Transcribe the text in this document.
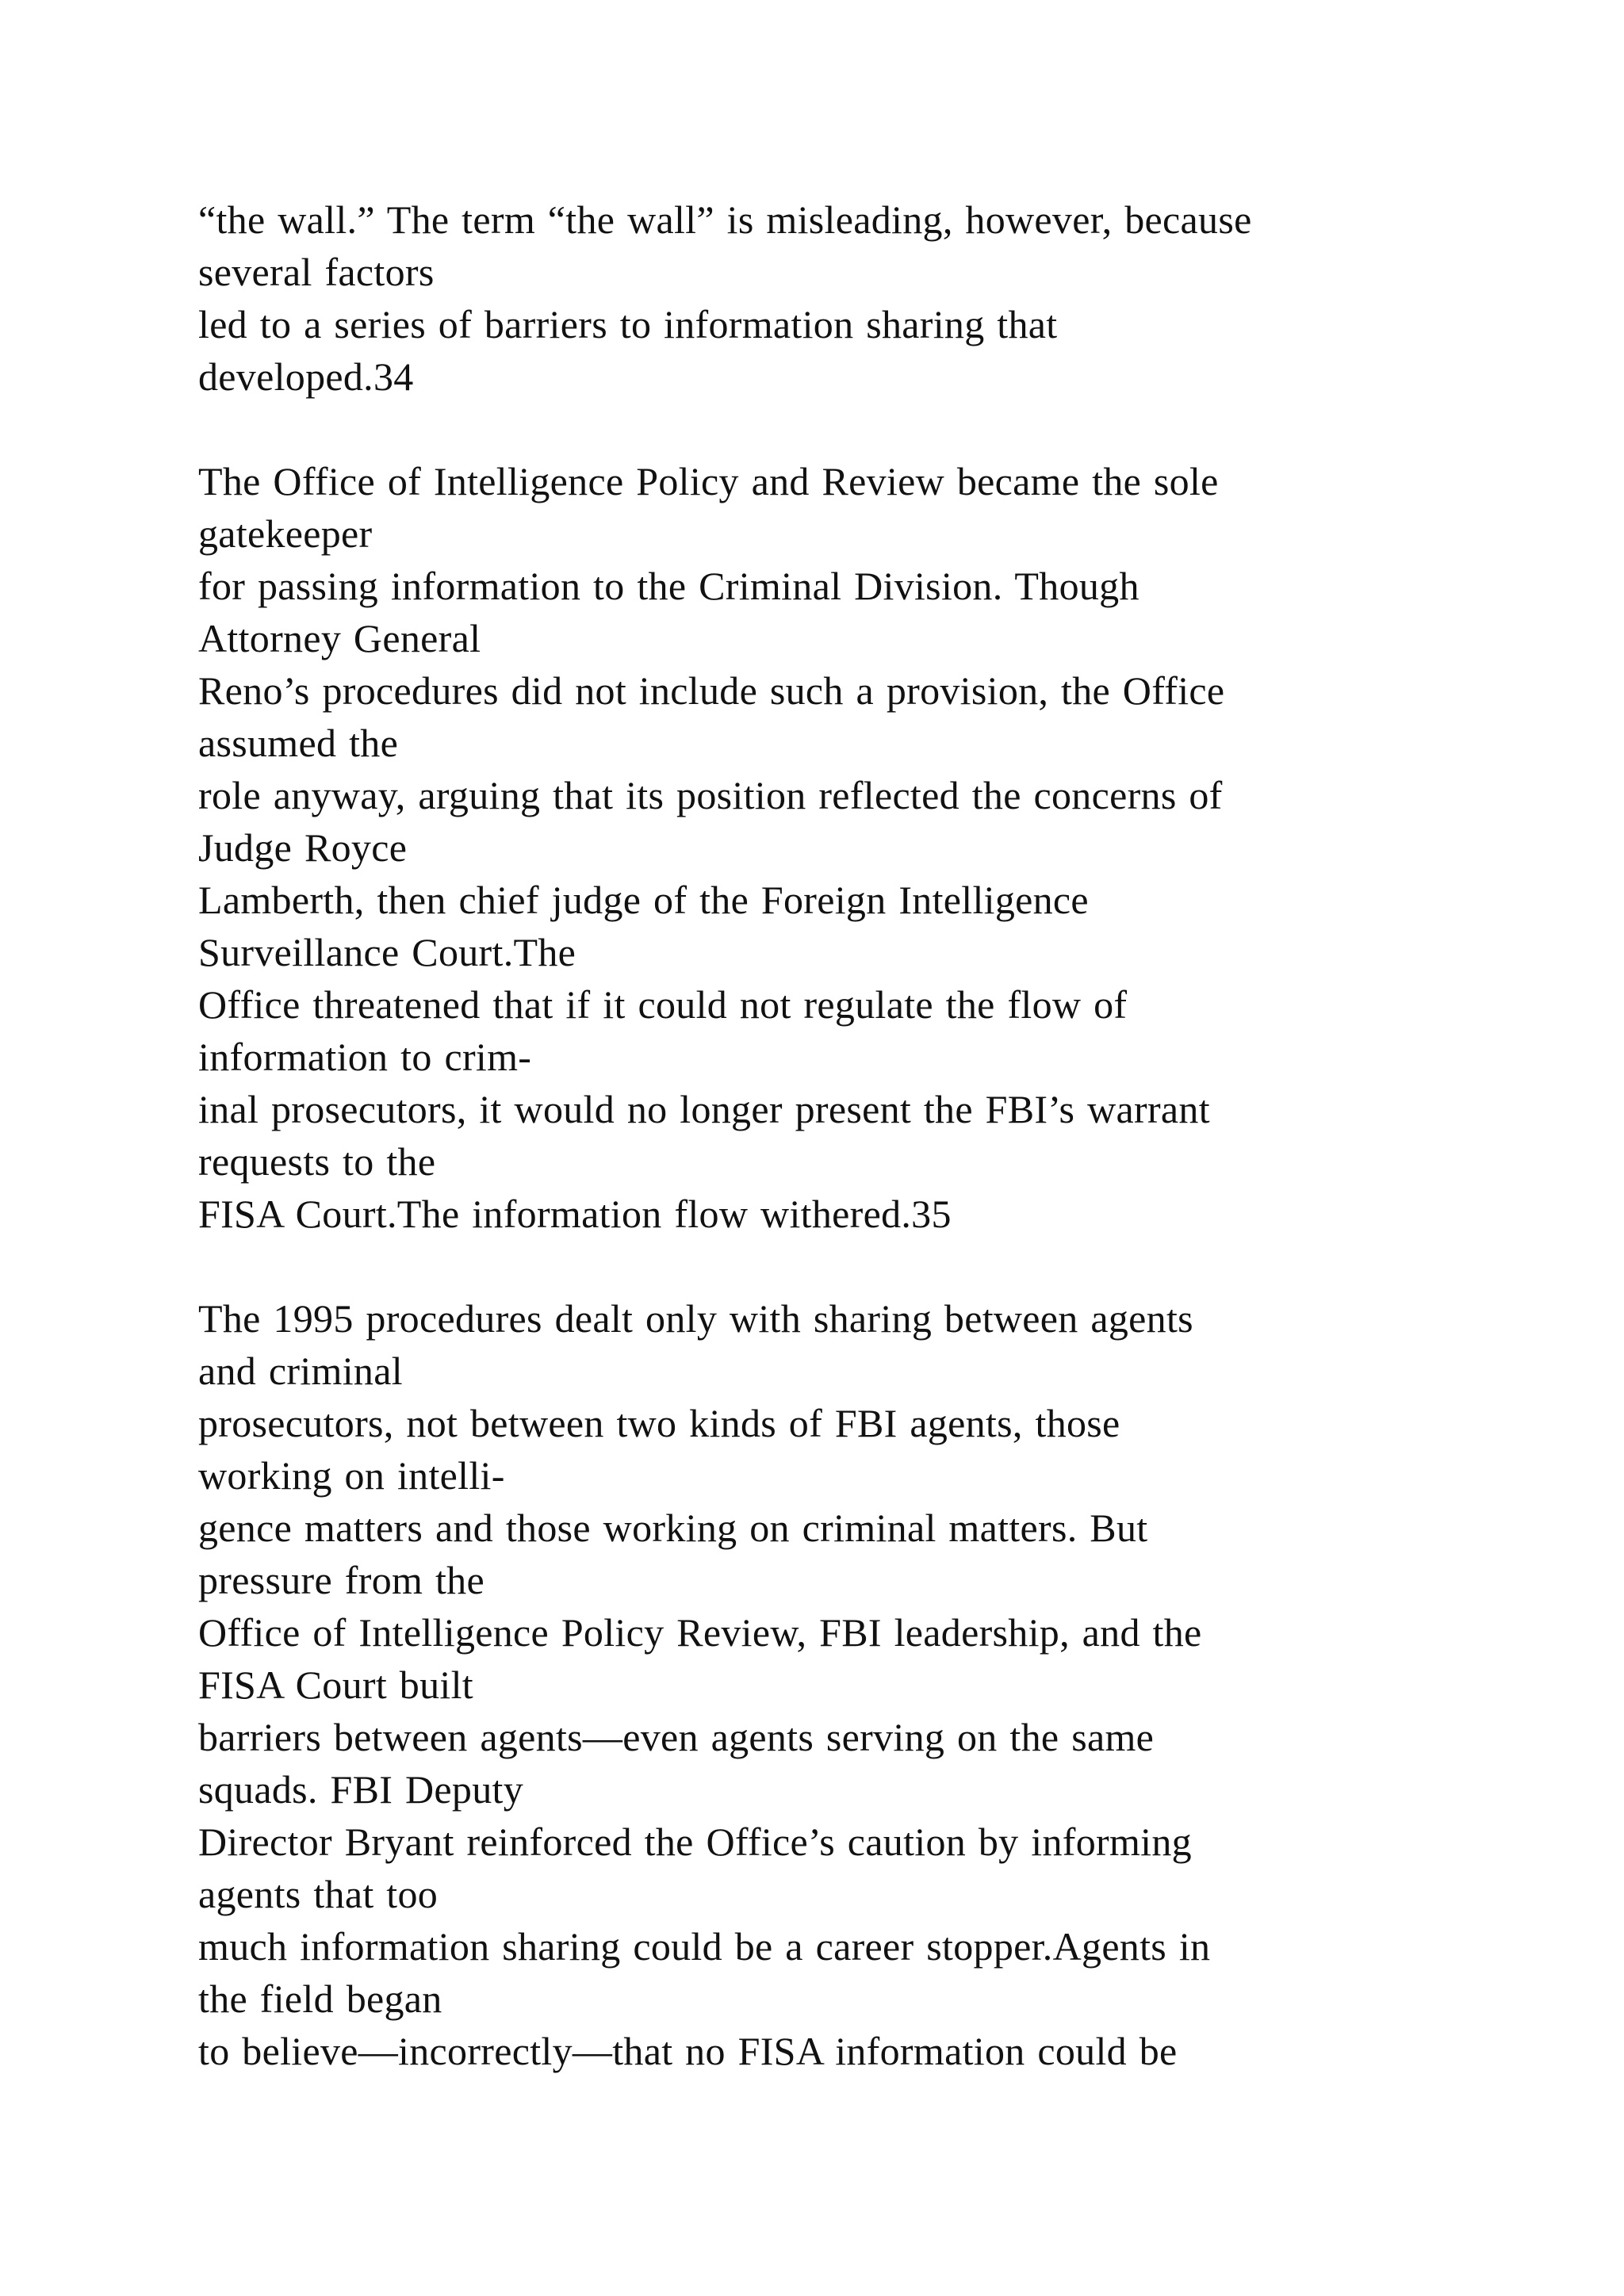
“the wall.” The term “the wall” is misleading, however, because
several factors
led to a series of barriers to information sharing that
developed.34
The Office of Intelligence Policy and Review became the sole
gatekeeper
for passing information to the Criminal Division. Though
Attorney General
Reno’s procedures did not include such a provision, the Office
assumed the
role anyway, arguing that its position reflected the concerns of
Judge Royce
Lamberth, then chief judge of the Foreign Intelligence
Surveillance Court.The
Office threatened that if it could not regulate the flow of
information to crim-
inal prosecutors, it would no longer present the FBI’s warrant
requests to the
FISA Court.The information flow withered.35
The 1995 procedures dealt only with sharing between agents
and criminal
prosecutors, not between two kinds of FBI agents, those
working on intelli-
gence matters and those working on criminal matters. But
pressure from the
Office of Intelligence Policy Review, FBI leadership, and the
FISA Court built
barriers between agents—even agents serving on the same
squads. FBI Deputy
Director Bryant reinforced the Office’s caution by informing
agents that too
much information sharing could be a career stopper.Agents in
the field began
to believe—incorrectly—that no FISA information could be
